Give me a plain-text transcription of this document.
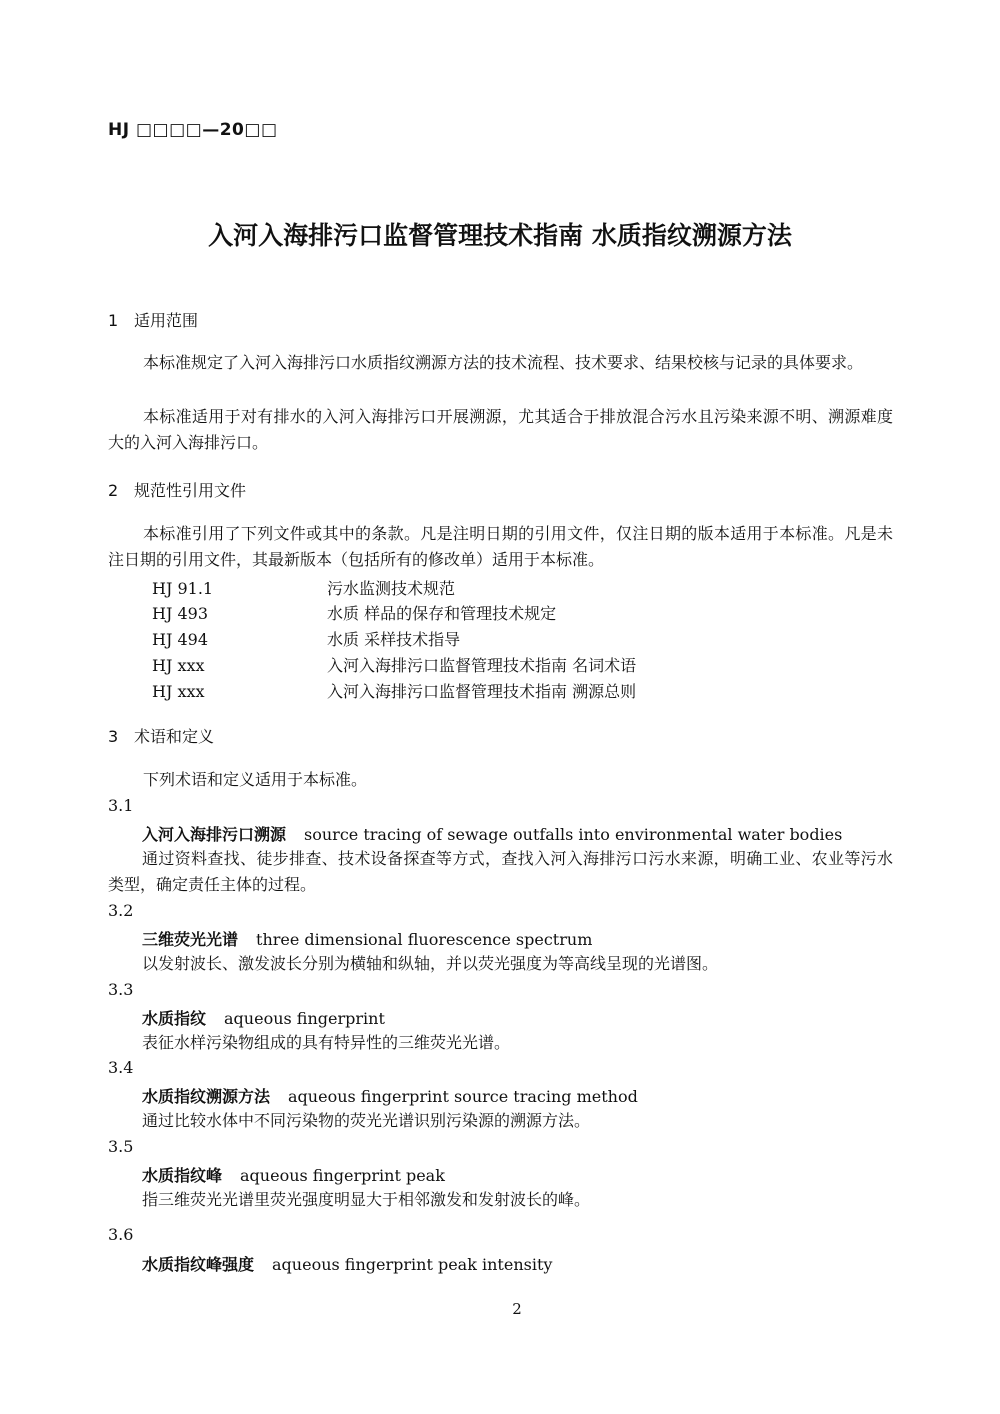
HJ □□□□—20□□
入河入海排污口监督管理技术指南 水质指纹溯源方法
1 适用范围
本标准规定了入河入海排污口水质指纹溯源方法的技术流程、技术要求、结果校核与记录的具体要求。
本标准适用于对有排水的入河入海排污口开展溯源，尤其适合于排放混合污水且污染来源不明、溯源难度大的入河入海排污口。
2 规范性引用文件
本标准引用了下列文件或其中的条款。凡是注明日期的引用文件，仅注日期的版本适用于本标准。凡是未注日期的引用文件，其最新版本（包括所有的修改单）适用于本标准。
HJ 91.1	污水监测技术规范
HJ 493	水质 样品的保存和管理技术规定
HJ 494	水质 采样技术指导
HJ xxx	入河入海排污口监督管理技术指南 名词术语
HJ xxx	入河入海排污口监督管理技术指南 溯源总则
3 术语和定义
下列术语和定义适用于本标准。
3.1
入河入海排污口溯源 source tracing of sewage outfalls into environmental water bodies
通过资料查找、徒步排查、技术设备探查等方式，查找入河入海排污口污水来源，明确工业、农业等污水类型，确定责任主体的过程。
3.2
三维荧光光谱 three dimensional fluorescence spectrum
以发射波长、激发波长分别为横轴和纵轴，并以荧光强度为等高线呈现的光谱图。
3.3
水质指纹 aqueous fingerprint
表征水样污染物组成的具有特异性的三维荧光光谱。
3.4
水质指纹溯源方法 aqueous fingerprint source tracing method
通过比较水体中不同污染物的荧光光谱识别污染源的溯源方法。
3.5
水质指纹峰 aqueous fingerprint peak
指三维荧光光谱里荧光强度明显大于相邻激发和发射波长的峰。
3.6
水质指纹峰强度 aqueous fingerprint peak intensity
2
